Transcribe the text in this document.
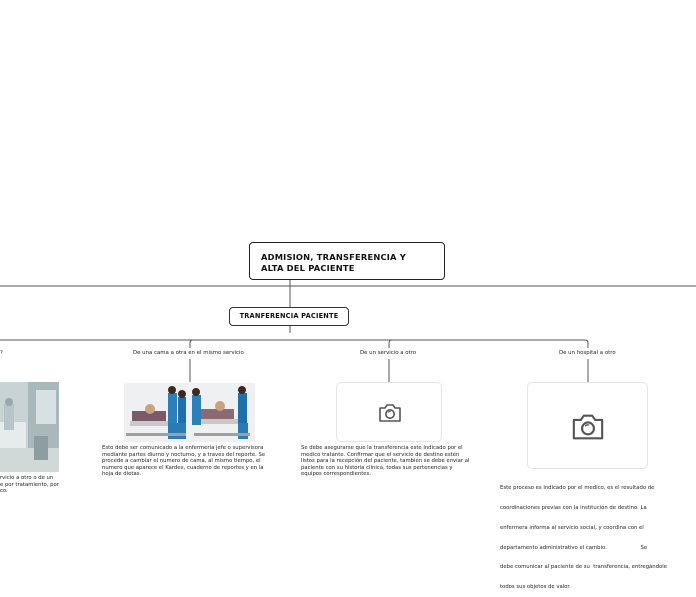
ADMISION, TRANSFERENCIA Y
ALTA DEL PACIENTE
TRANFERENCIA PACIENTE
?	De una cama a otra en el mismo servicio	De un servicio a otro	De un hospital a otro
rvicio a otro o de un
e por tratamiento, por
co.
Esto debe ser comunicado a la enfermería jefe o supervisora
mediante partes diurno y nocturno, y a través del reporte. Se
procede a cambiar el numero de cama, al mismo tiempo, el
numero que aparece el Kardex, cuaderno de reportes y en la
hoja de dietas.
Se debe asegurarse que la transferencia este indicado por el
medico tratante. Confirmar que el servicio de destino estén
listos para la recepción del paciente, también se debe enviar al
paciente con su historia clínica, todas sus pertenencias y
equipos correspondientes.

Este proceso es indicado por el medico, es el resultado de

coordinaciones previas con la institución de destino. La

enfermera informa al servicio social, y coordina con el

departamento administrativo el cambio.                    Se

debe comunicar al paciente de su  transferencia, entregándole

todos sus objetos de valor.
